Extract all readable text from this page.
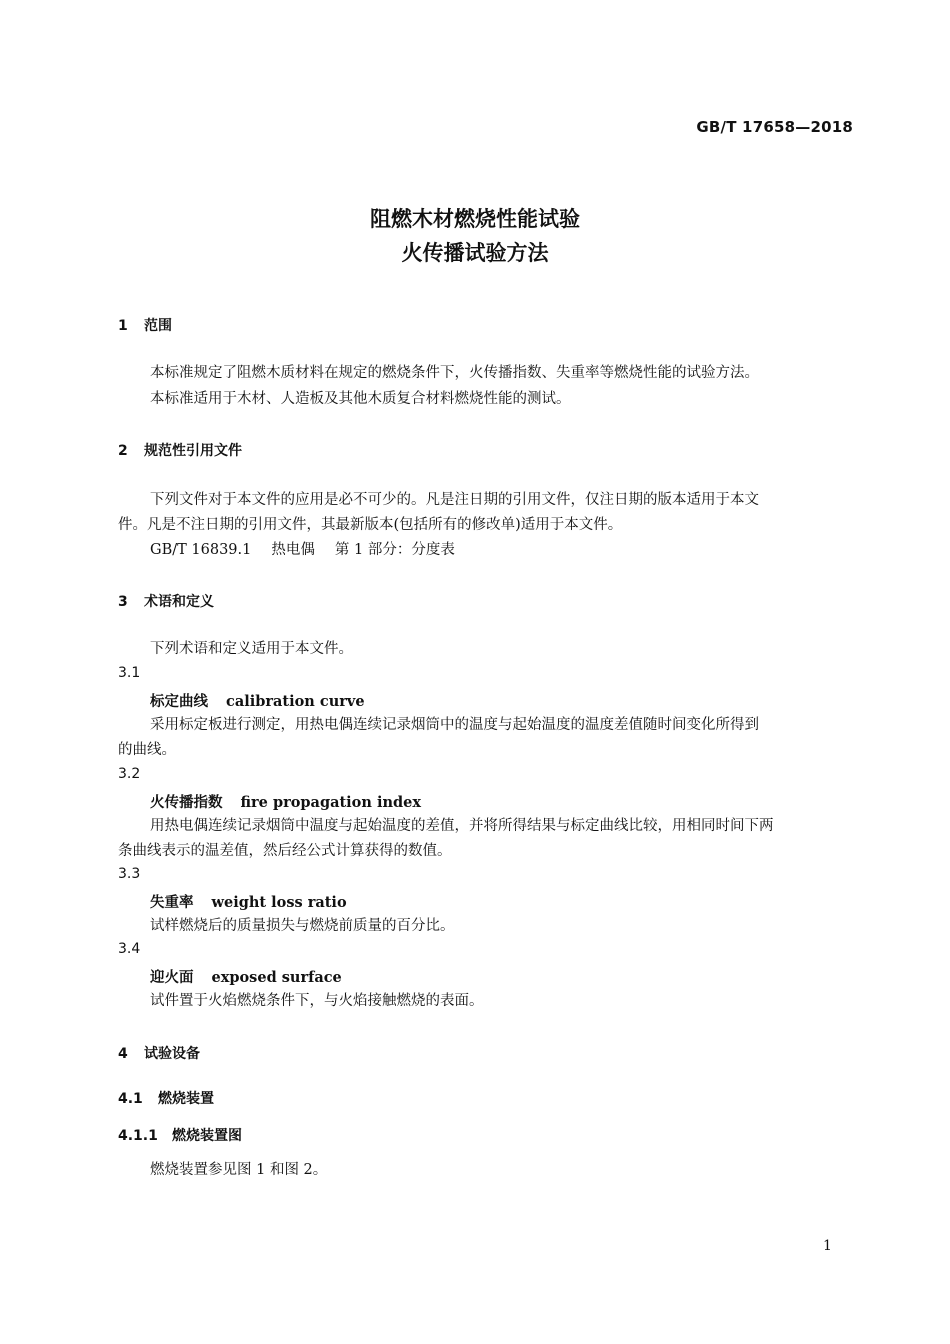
GB/T 17658—2018
阻燃木材燃烧性能试验
火传播试验方法
1 范围
本标准规定了阻燃木质材料在规定的燃烧条件下，火传播指数、失重率等燃烧性能的试验方法。
本标准适用于木材、人造板及其他木质复合材料燃烧性能的测试。
2 规范性引用文件
下列文件对于本文件的应用是必不可少的。凡是注日期的引用文件，仅注日期的版本适用于本文
件。凡是不注日期的引用文件，其最新版本(包括所有的修改单)适用于本文件。
GB/T 16839.1 热电偶 第 1 部分：分度表
3 术语和定义
下列术语和定义适用于本文件。
3.1
标定曲线 calibration curve
采用标定板进行测定，用热电偶连续记录烟筒中的温度与起始温度的温度差值随时间变化所得到
的曲线。
3.2
火传播指数 fire propagation index
用热电偶连续记录烟筒中温度与起始温度的差值，并将所得结果与标定曲线比较，用相同时间下两
条曲线表示的温差值，然后经公式计算获得的数值。
3.3
失重率 weight loss ratio
试样燃烧后的质量损失与燃烧前质量的百分比。
3.4
迎火面 exposed surface
试件置于火焰燃烧条件下，与火焰接触燃烧的表面。
4 试验设备
4.1 燃烧装置
4.1.1 燃烧装置图
燃烧装置参见图 1 和图 2。
1
